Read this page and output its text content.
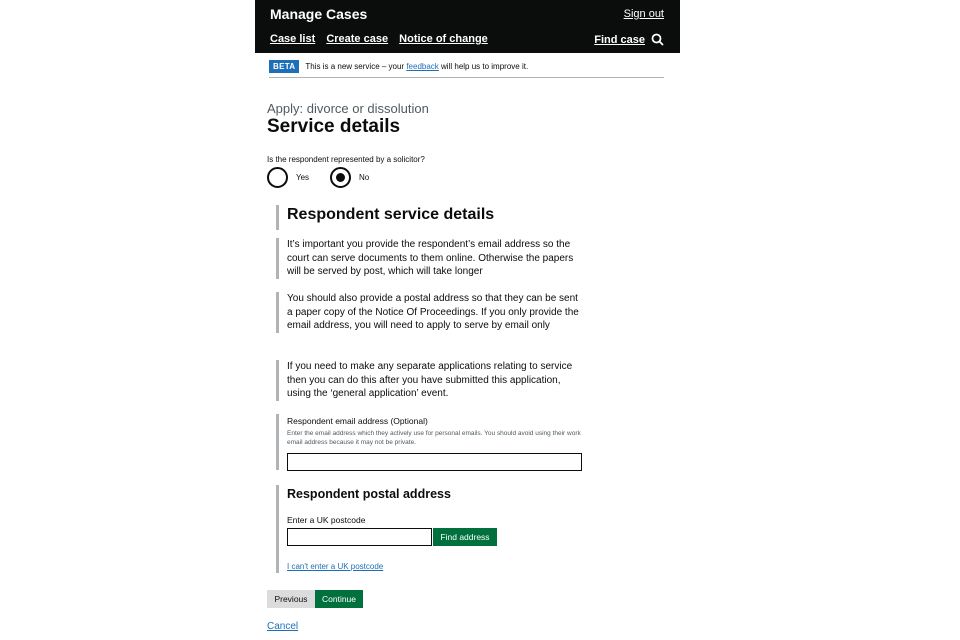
Manage Cases	Sign out
Case list Create case Notice of change	Find case
BETA	This is a new service – your feedback will help us to improve it.
Apply: divorce or dissolution
Service details
Is the respondent represented by a solicitor?
Yes	No
Respondent service details
It’s important you provide the respondent’s email address so the court can serve documents to them online. Otherwise the papers will be served by post, which will take longer
You should also provide a postal address so that they can be sent a paper copy of the Notice Of Proceedings. If you only provide the email address, you will need to apply to serve by email only
If you need to make any separate applications relating to service then you can do this after you have submitted this application, using the ‘general application’ event.
Respondent email address (Optional)
Enter the email address which they actively use for personal emails. You should avoid using their work email address because it may not be private.
Respondent postal address
Enter a UK postcode
Find address
I can't enter a UK postcode
Previous	Continue
Cancel
